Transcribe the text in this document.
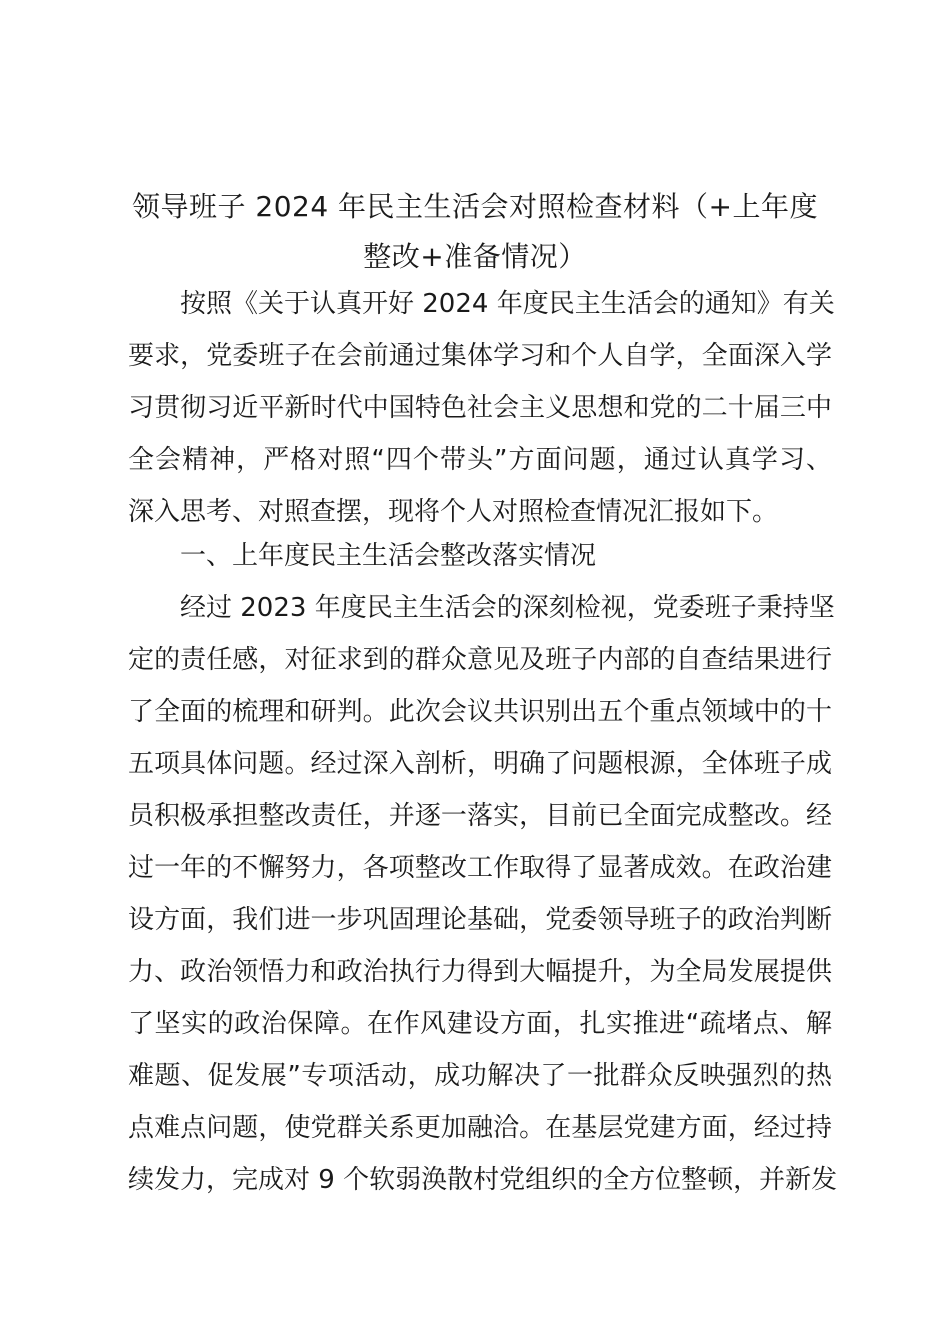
领导班子 2024 年民主生活会对照检查材料（+上年度
整改+准备情况）
按照《关于认真开好 2024 年度民主生活会的通知》有关
要求，党委班子在会前通过集体学习和个人自学，全面深入学
习贯彻习近平新时代中国特色社会主义思想和党的二十届三中
全会精神，严格对照“四个带头”方面问题，通过认真学习、
深入思考、对照查摆，现将个人对照检查情况汇报如下。
一、上年度民主生活会整改落实情况
经过 2023 年度民主生活会的深刻检视，党委班子秉持坚
定的责任感，对征求到的群众意见及班子内部的自查结果进行
了全面的梳理和研判。此次会议共识别出五个重点领域中的十
五项具体问题。经过深入剖析，明确了问题根源，全体班子成
员积极承担整改责任，并逐一落实，目前已全面完成整改。经
过一年的不懈努力，各项整改工作取得了显著成效。在政治建
设方面，我们进一步巩固理论基础，党委领导班子的政治判断
力、政治领悟力和政治执行力得到大幅提升，为全局发展提供
了坚实的政治保障。在作风建设方面，扎实推进“疏堵点、解
难题、促发展”专项活动，成功解决了一批群众反映强烈的热
点难点问题，使党群关系更加融洽。在基层党建方面，经过持
续发力，完成对 9 个软弱涣散村党组织的全方位整顿，并新发
